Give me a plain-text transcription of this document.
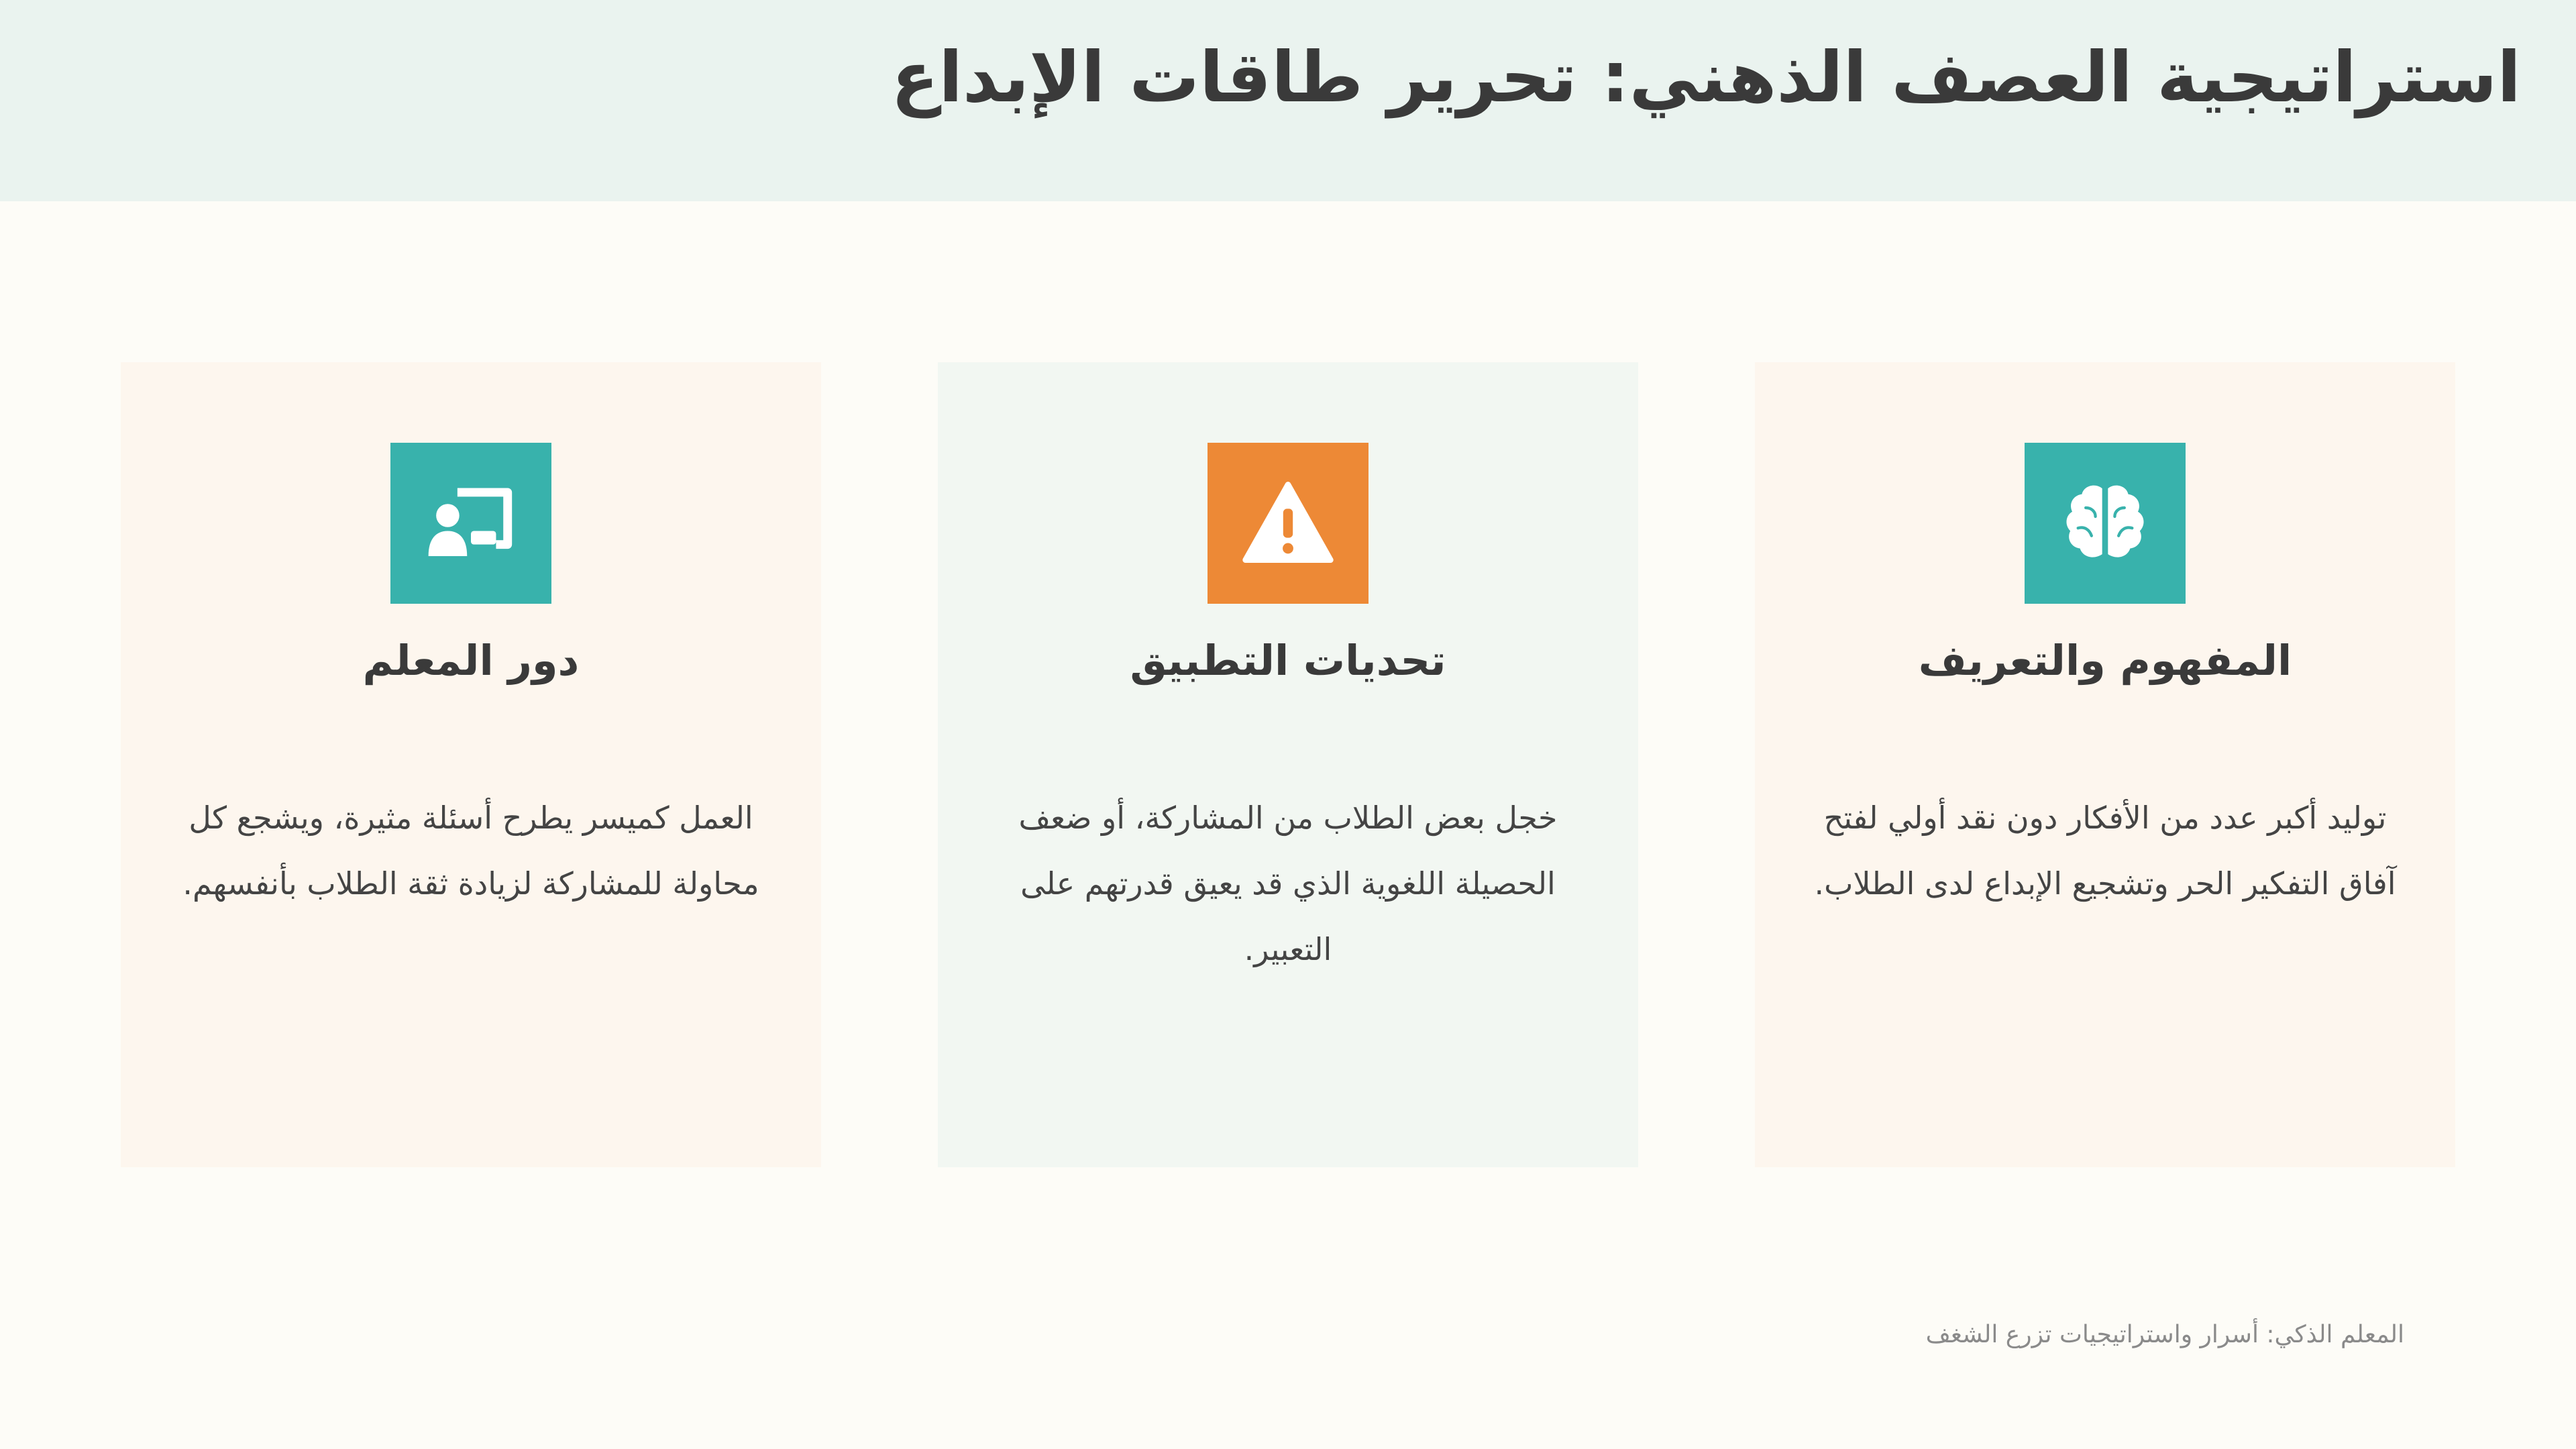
استراتيجية العصف الذهني: تحرير طاقات الإبداع
المفهوم والتعريف

توليد أكبر عدد من الأفكار دون نقد أولي لفتح آفاق التفكير الحر وتشجيع الإبداع لدى الطلاب.

تحديات التطبيق

خجل بعض الطلاب من المشاركة، أو ضعف الحصيلة اللغوية الذي قد يعيق قدرتهم على التعبير.

دور المعلم

العمل كميسر يطرح أسئلة مثيرة، ويشجع كل محاولة للمشاركة لزيادة ثقة الطلاب بأنفسهم.

المعلم الذكي: أسرار واستراتيجيات تزرع الشغف
